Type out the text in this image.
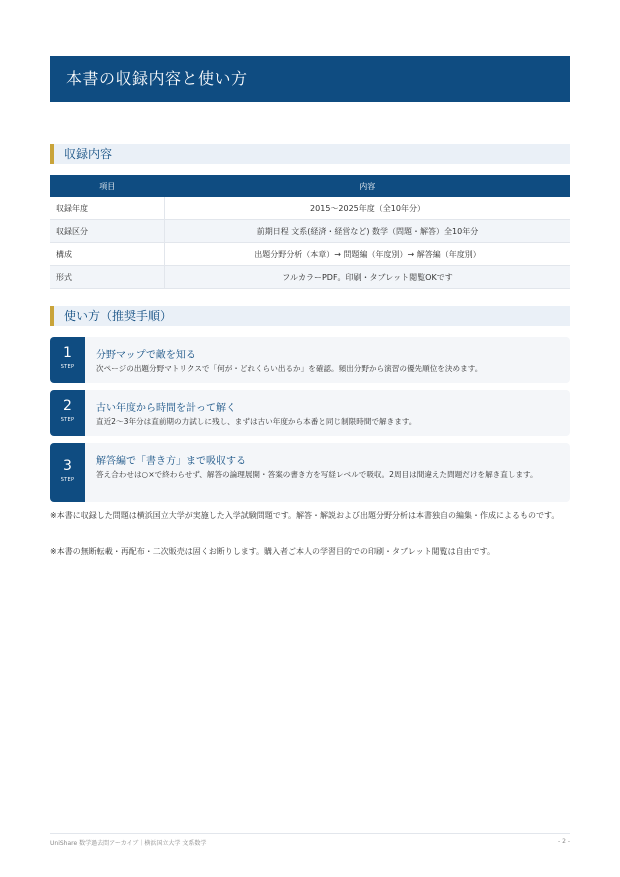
本書の収録内容と使い方
収録内容
項目	内容
収録年度	2015〜2025年度（全10年分）
収録区分	前期日程 文系(経済・経営など) 数学（問題・解答）全10年分
構成	出題分野分析（本章）→ 問題編（年度別）→ 解答編（年度別）
形式	フルカラーPDF。印刷・タブレット閲覧OKです
使い方（推奨手順）
1
STEP
分野マップで敵を知る
次ページの出題分野マトリクスで「何が・どれくらい出るか」を確認。頻出分野から演習の優先順位を決めます。
2
STEP
古い年度から時間を計って解く
直近2〜3年分は直前期の力試しに残し、まずは古い年度から本番と同じ制限時間で解きます。
3
STEP
解答編で「書き方」まで吸収する
答え合わせは○×で終わらせず、解答の論理展開・答案の書き方を写経レベルで吸収。2周目は間違えた問題だけを解き直します。
※本書に収録した問題は横浜国立大学が実施した入学試験問題です。解答・解説および出題分野分析は本書独自の編集・作成によるものです。
※本書の無断転載・再配布・二次販売は固くお断りします。購入者ご本人の学習目的での印刷・タブレット閲覧は自由です。
UniShare 数学過去問アーカイブ｜横浜国立大学 文系数学	- 2 -
